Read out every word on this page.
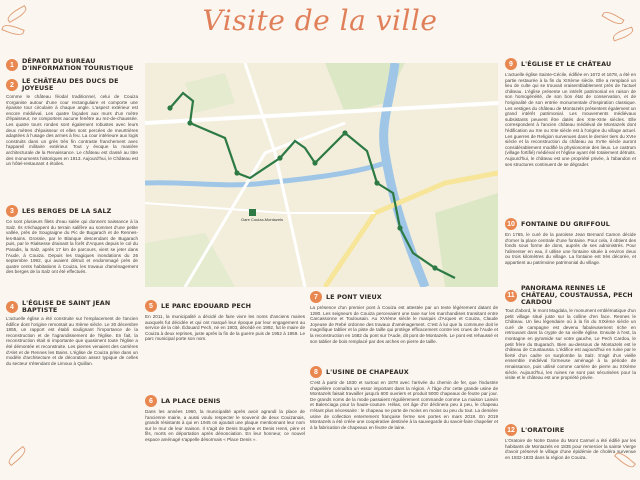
Visite de la ville
1	DÉPART DU BUREAU D'INFORMATION TOURISTIQUE
2	LE CHÂTEAU DES DUCS DE JOYEUSE
Comme le château féodal traditionnel, celui de Couiza s'organise autour d'une cour rectangulaire et comporte une épaisse tour circulaire à chaque angle. L'aspect extérieur est encore médiéval. Les quatre façades aux murs d'un mètre d'épaisseur, ne comportent aucune fenêtre au rez-de-chaussée. Les quatre tours rondes sont également robustes avec leurs deux mètres d'épaisseur et elles sont percées de meurtrières adaptées à l'usage des armes à feu. La cour intérieure aux logis construits dans un grès très fin contraste franchement avec l'appareil militaire extérieur. Tout y évoque la manière architecturale de la Renaissance. Le château est classé au titre des monuments historiques en 1913. Aujourd'hui, le Château est un hôtel-restaurant 4 étoiles.
3	LES BERGES DE LA SALZ
Ce sont plusieurs filets d'eau salée qui donnent naissance à la Salz. Ils s'échappent du terrain salifère au sommet d'une petite vallée, près de Sougraigne du Pic de Bugarach et de Rennes-les-Bains. Grossie, par le Blanque descendant de Bugarach puis, par le Rialsesse drainant la forêt d'Arques depuis le col du Paradis, la Salz, après 17 km de parcours, vient se jeter dans l'Aude, à Couiza. Depuis les tragiques inondations du 26 septembre 1992, qui avaient détruit et endommagé près de quatre cents habitations à Couiza, les travaux d'aménagement des berges de la Salz ont été effectués.
4	L'ÉGLISE DE SAINT JEAN BAPTISTE
L'actuelle église a été construite sur l'emplacement de l'ancien édifice dont l'origine remontait au XIème siècle. Le 30 décembre 1855, un rapport est établi soulignant l'importance de la reconstruction et de l'agrandissement de l'église. En fait, la reconstruction était si importante que quasiment toute l'église a été démontée et reconstruite. Les pierres venaient des carrières d'Alet et de Rennes les Bains. L'église de Couiza prise dans un modèle d'architecture et de décoration assez typique de celles du secteur s'étendant de Limoux à Quillan.
Gare Couiza-Montazels
5	LE PARC EDOUARD PECH
En 2011, la municipalité a décidé de faire vivre les noms d'anciens maires auxquels fut décidée et qui ont marqué leur époque par leur engagement au service de la cité. Édouard Pech, né en 1903, décédé en 1992, fut le maire de Couiza à deux reprises, juste après la fin de la guerre puis de 1952 à 1959. Le parc municipal porte son nom.
6	LA PLACE DENIS
Dans les années 1960, la municipalité après avoir agrandi la place de l'ancienne mairie, a aussi voulu respecter le souvenir de deux Couizanais, grands résistants à qui en 1945 on ajoutait une plaque mentionnant leur nom sur le mur de leur maison. Il s'agit de Denis Eugène et Denis Henri, père et fils, morts en déportation après dénonciation. En leur honneur, ce nouvel espace aménagé s'appelle désormais « Place Denis ».
7	LE PONT VIEUX
La présence d'un premier pont à Couiza est attestée par un texte légèrement datant de 1280. Les seigneurs de Couiza percevaient une taxe sur les marchandises transitant entre Carcassonne et Toulousain. Au XVIème siècle le marquis d'Arques et Couiza, Claude Joyeuse de Rebé ordonne des travaux d'aménagement. C'est à lui que la commune doit le magnifique tablier et la piste de taille qui protège efficacement contre les crues de l'Aude et la reconstruction en 1682 du pont sur l'Aude, dit pont de Montazels. Le pont est rehaussé et son tablier de bois remplacé par des arches en pierre de taille.
8	L'USINE DE CHAPEAUX
C'est à partir de 1830 et surtout en 1878 avec l'arrivée du chemin de fer, que l'industrie chapelière connaîtra un essor important dans la région. À l'âge d'or cette grande usine de Montazels faisait travailler jusqu'à 600 ouvriers et produit 5000 chapeaux de feutre par jour. De grands noms de la mode passaient régulièrement commande comme La maison Lanvin et Balenciaga pour la haute-couture. Hélas, cet âge d'or déclinera peu à peu, le chapeau n'étant plus nécessaire : le chapeau ne porte de moins en moins ou peu du tout. La demière usine de collection enterrement française ferme ses portes en mars 2018. En 2019 Montazels a été créée une coopérative destinée à la sauvegarde du savoir-faire chapelier et à la fabrication de chapeaux en feutre de laine.
9	L'ÉGLISE ET LE CHÂTEAU
L'actuelle église Sainte-Cécile, édifiée en 1672 et 1678, a été en partie restaurée à la fin du XIXème siècle. Elle a remplacé un lieu de culte qui se trouvait vraisemblablement près de l'actuel château. L'église présente un intérêt patrimonial en raison de son homogénéité, de son bon état de conservation, et de l'originalité de son entrée monumentale d'inspiration classique. Les vestiges du château de Montazels présentent également un grand intérêt patrimonial. Les mouvements médiévaux subsistants peuvent être datés des XIIe-XIIIe siècles. Elle correspondent à l'ancien château médiéval de Montazels dont l'édification au XIe ou XIIe siècle est à l'origine du village actuel. Les guerres de Religion survenues dans le dernier tiers du XVIe siècle et la reconstruction du château au XVIIe siècle auront considérablement modifié la physionomie des lieux. Le castrum (village fortifié) médiéval et l'église ayant été totalement détruits. Aujourd'hui, le château est une propriété privée, à l'abandon et ses structures continuent de se dégrader.
10 FONTAINE DU GRIFFOUL
En 1765, le curé de la paroisse Jean Bernard Camon décide d'orner la place centrale d'une fontaine. Pour cela, il obtient des fonds sous forme de dons, auprès de ses administrés. Pour l'alimenter en eau, il utilise une fontaine située à environ deux ou trois kilomètres du village. La fontaine est très décorée, et appartient au patrimoine patrimonial du village.
11
PANORAMA RENNES LE CHÂTEAU, COUSTAUSSA, PECH CARDOU
Tout d'abord, le mont Magdala, le monument emblématique d'un petit village situé juste sur la colline d'en face. Rennes le Château. Un lieu légendaire où à la fin du XIXème siècle un curé de campagne est devenu fabuleusement riche en retrouvant dans la crypte de sa vieille église. Ensuite à l'est, la montagne en pyramide sur votre gauche, Le Pech Cardou, le petit frère du Bugarach. Bien au-dessous de Montazels est le château de Coustaussa. L'édifice est aujourd'hui en ruine par le fierté d'un cadre on surplombe la Salz. S'agit d'un vieille ensemble médiéval formeuse aménagé à la période de renaissance, puis utilisé comme carrière de pierre au XIXème siècle. Aujourd'hui, les ruines ne sont pas sécurisées pour la visite et le château est une propriété privée.
12 L'ORATOIRE
L'Oratoire de Notre Dame du Mont Carmel a été édifié par les habitants de Montazels en 1835 pour remercier la sainte Vierge d'avoir préservé le village d'une épidémie de choléra survenue en 1832-1833 dans la région de Couiza.
